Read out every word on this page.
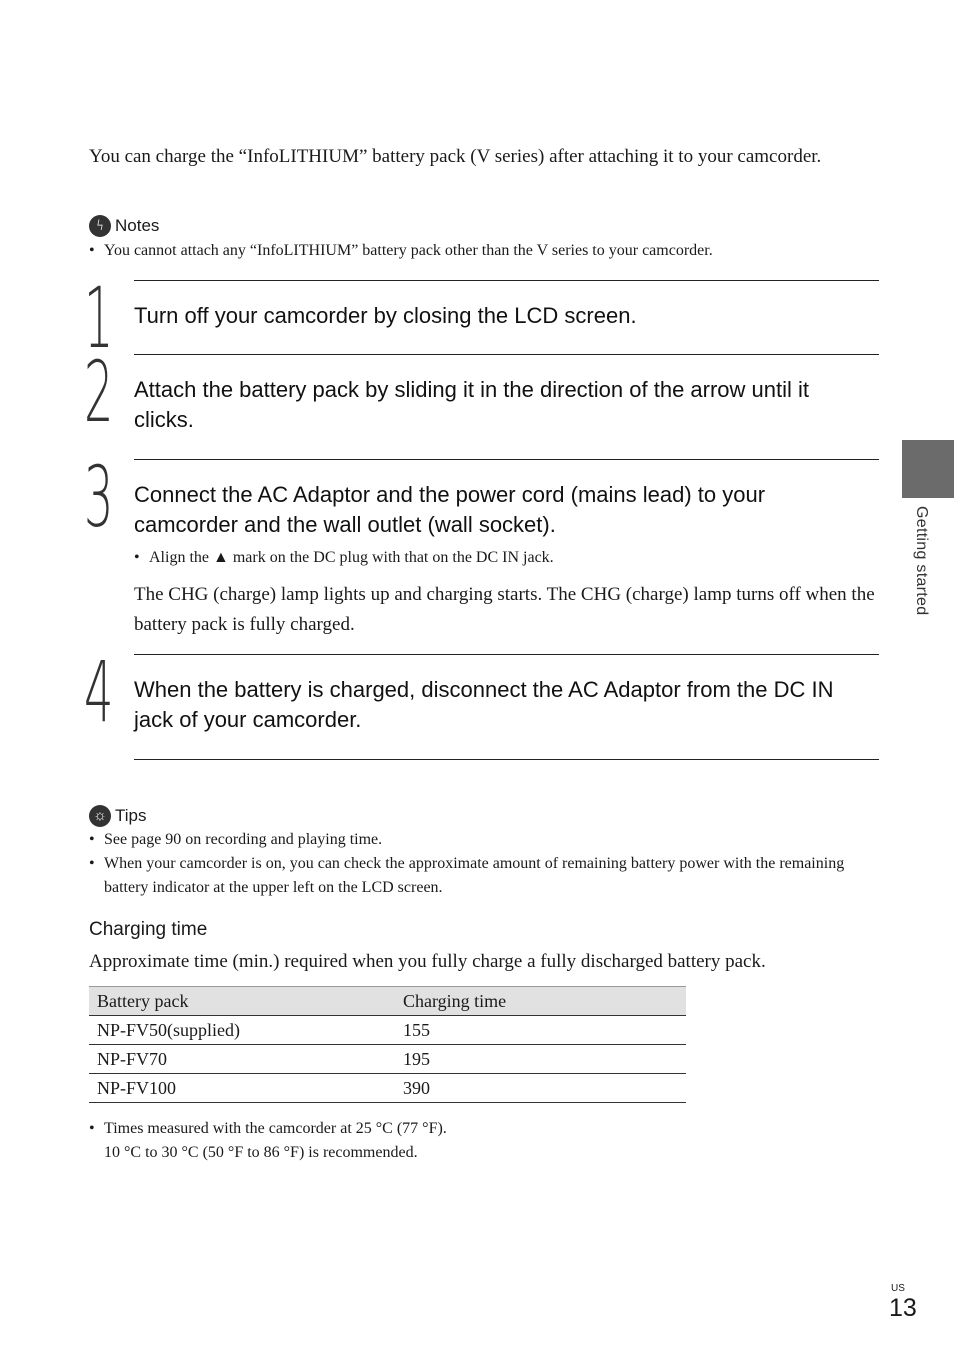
You can charge the “InfoLITHIUM” battery pack (V series) after attaching it to your camcorder.
ϟ Notes
• You cannot attach any “InfoLITHIUM” battery pack other than the V series to your camcorder.
1 Turn off your camcorder by closing the LCD screen.
2 Attach the battery pack by sliding it in the direction of the arrow until it clicks.
3 Connect the AC Adaptor and the power cord (mains lead) to your camcorder and the wall outlet (wall socket).
• Align the ▲ mark on the DC plug with that on the DC IN jack.
The CHG (charge) lamp lights up and charging starts. The CHG (charge) lamp turns off when the battery pack is fully charged.
4 When the battery is charged, disconnect the AC Adaptor from the DC IN jack of your camcorder.
☼ Tips
• See page 90 on recording and playing time.
• When your camcorder is on, you can check the approximate amount of remaining battery power with the remaining battery indicator at the upper left on the LCD screen.
Charging time
Approximate time (min.) required when you fully charge a fully discharged battery pack.
Battery pack	Charging time
NP-FV50(supplied)	155
NP-FV70	195
NP-FV100	390
• Times measured with the camcorder at 25 °C (77 °F).
10 °C to 30 °C (50 °F to 86 °F) is recommended.
Getting started
US
13
